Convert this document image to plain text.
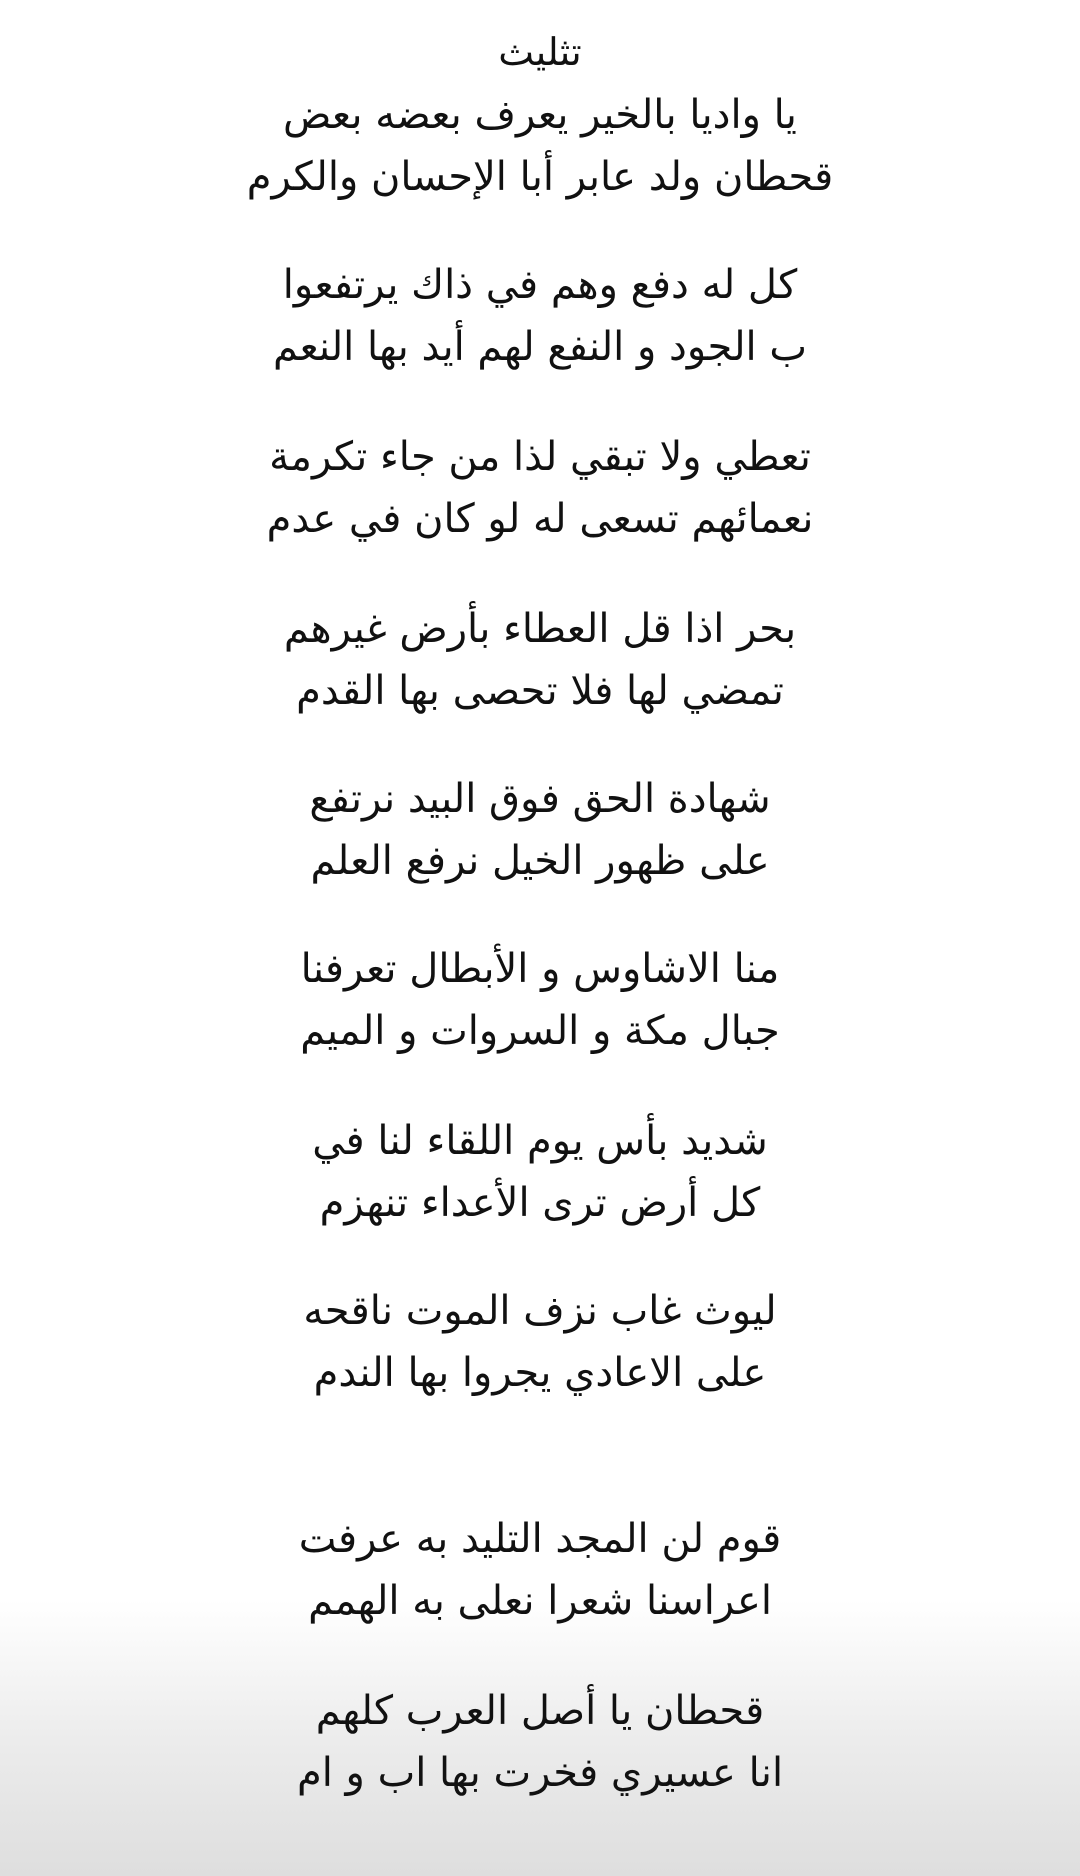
تثليث
يا واديا بالخير يعرف بعضه بعض
قحطان ولد عابر أبا الإحسان والكرم
كل له دفع وهم في ذاك يرتفعوا
ب الجود و النفع لهم أيد بها النعم
تعطي ولا تبقي لذا من جاء تكرمة
نعمائهم تسعى له لو كان في عدم
بحر اذا قل العطاء بأرض غيرهم
تمضي لها فلا تحصى بها القدم
شهادة الحق فوق البيد نرتفع
على ظهور الخيل نرفع العلم
منا الاشاوس و الأبطال تعرفنا
جبال مكة و السروات و الميم
شديد بأس يوم اللقاء لنا في
كل أرض ترى الأعداء تنهزم
ليوث غاب نزف الموت ناقحه
على الاعادي يجروا بها الندم
قوم لن المجد التليد به عرفت
اعراسنا شعرا نعلى به الهمم
قحطان يا أصل العرب كلهم
انا عسيري فخرت بها اب و ام
